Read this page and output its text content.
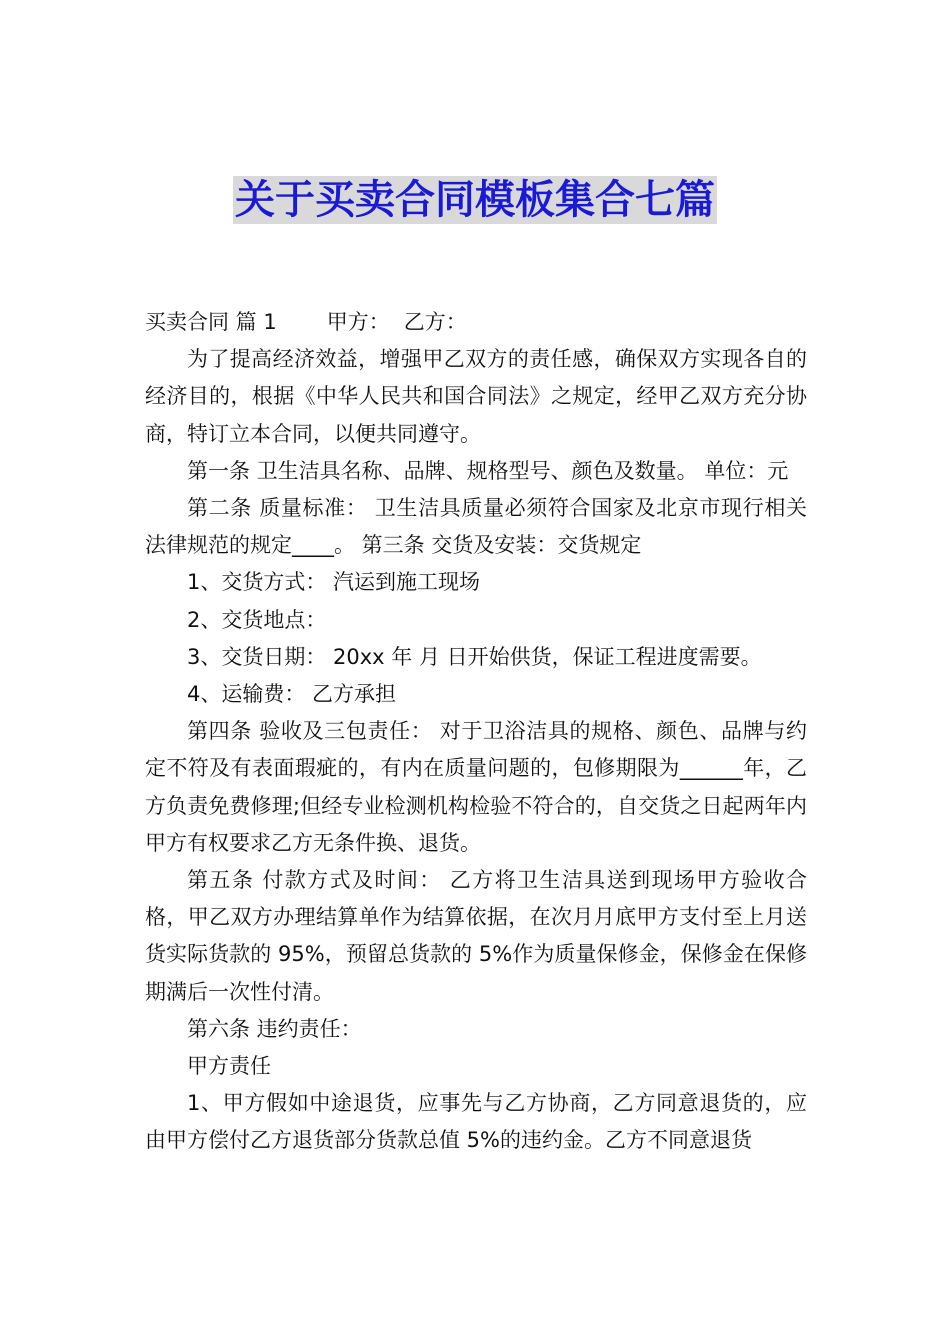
关于买卖合同模板集合七篇

买卖合同 篇 1 甲方： 乙方：

为了提高经济效益，增强甲乙双方的责任感，确保双方实现各自的经济目的，根据《中华人民共和国合同法》之规定，经甲乙双方充分协商，特订立本合同，以便共同遵守。

第一条 卫生洁具名称、品牌、规格型号、颜色及数量。 单位：元

第二条 质量标准： 卫生洁具质量必须符合国家及北京市现行相关法律规范的规定____。 第三条 交货及安装：交货规定

1、交货方式： 汽运到施工现场

2、交货地点：

3、交货日期： 20xx 年 月 日开始供货，保证工程进度需要。

4、运输费： 乙方承担

第四条 验收及三包责任： 对于卫浴洁具的规格、颜色、品牌与约定不符及有表面瑕疵的，有内在质量问题的，包修期限为______年，乙方负责免费修理;但经专业检测机构检验不符合的，自交货之日起两年内甲方有权要求乙方无条件换、退货。

第五条 付款方式及时间： 乙方将卫生洁具送到现场甲方验收合格，甲乙双方办理结算单作为结算依据，在次月月底甲方支付至上月送货实际货款的 95%，预留总货款的 5%作为质量保修金，保修金在保修期满后一次性付清。

第六条 违约责任：

甲方责任

1、甲方假如中途退货，应事先与乙方协商，乙方同意退货的，应由甲方偿付乙方退货部分货款总值 5%的违约金。乙方不同意退货
